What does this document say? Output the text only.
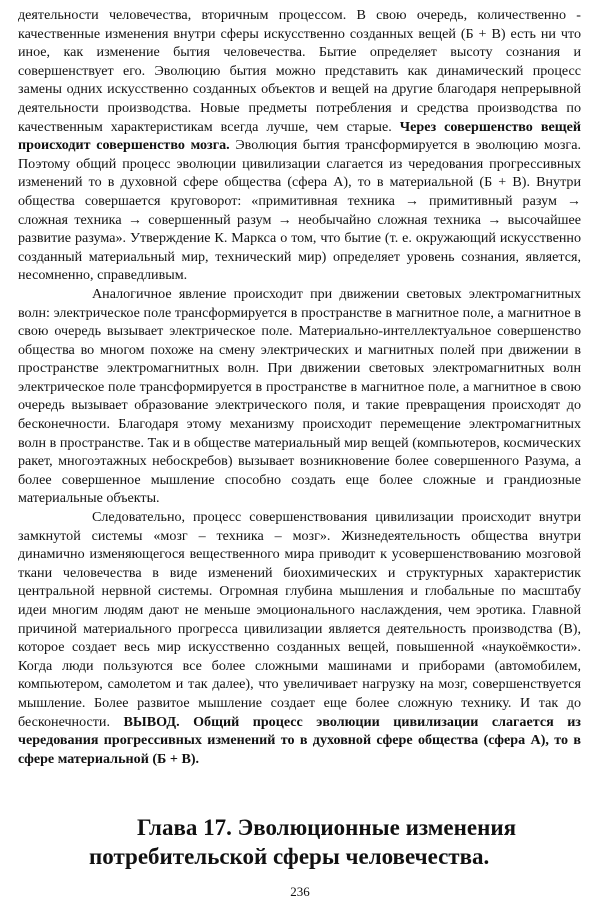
деятельности человечества, вторичным процессом. В свою очередь, количественно - качественные изменения внутри сферы искусственно созданных вещей (Б + В) есть ни что иное, как изменение бытия человечества. Бытие определяет высоту сознания и совершенствует его. Эволюцию бытия можно представить как динамический процесс замены одних искусственно созданных объектов и вещей на другие благодаря непрерывной деятельности производства. Новые предметы потребления и средства производства по качественным характеристикам всегда лучше, чем старые. Через совершенство вещей происходит совершенство мозга. Эволюция бытия трансформируется в эволюцию мозга. Поэтому общий процесс эволюции цивилизации слагается из чередования прогрессивных изменений то в духовной сфере общества (сфера А), то в материальной (Б + В). Внутри общества совершается круговорот: «примитивная техника → примитивный разум → сложная техника → совершенный разум → необычайно сложная техника → высочайшее развитие разума». Утверждение К. Маркса о том, что бытие (т. е. окружающий искусственно созданный материальный мир, технический мир) определяет уровень сознания, является, несомненно, справедливым.

Аналогичное явление происходит при движении световых электромагнитных волн: электрическое поле трансформируется в пространстве в магнитное поле, а магнитное в свою очередь вызывает электрическое поле. Материально-интеллектуальное совершенство общества во многом похоже на смену электрических и магнитных полей при движении в пространстве электромагнитных волн. При движении световых электромагнитных волн электрическое поле трансформируется в пространстве в магнитное поле, а магнитное в свою очередь вызывает образование электрического поля, и такие превращения происходят до бесконечности. Благодаря этому механизму происходит перемещение электромагнитных волн в пространстве. Так и в обществе материальный мир вещей (компьютеров, космических ракет, многоэтажных небоскребов) вызывает возникновение более совершенного Разума, а более совершенное мышление способно создать еще более сложные и грандиозные материальные объекты.

Следовательно, процесс совершенствования цивилизации происходит внутри замкнутой системы «мозг – техника – мозг». Жизнедеятельность общества внутри динамично изменяющегося вещественного мира приводит к усовершенствованию мозговой ткани человечества в виде изменений биохимических и структурных характеристик центральной нервной системы. Огромная глубина мышления и глобальные по масштабу идеи многим людям дают не меньше эмоционального наслаждения, чем эротика. Главной причиной материального прогресса цивилизации является деятельность производства (В), которое создает весь мир искусственно созданных вещей, повышенной «наукоёмкости». Когда люди пользуются все более сложными машинами и приборами (автомобилем, компьютером, самолетом и так далее), что увеличивает нагрузку на мозг, совершенствуется мышление. Более развитое мышление создает еще более сложную технику. И так до бесконечности. ВЫВОД. Общий процесс эволюции цивилизации слагается из чередования прогрессивных изменений то в духовной сфере общества (сфера А), то в сфере материальной (Б + В).

Глава 17. Эволюционные изменения
потребительской сферы человечества.
236
